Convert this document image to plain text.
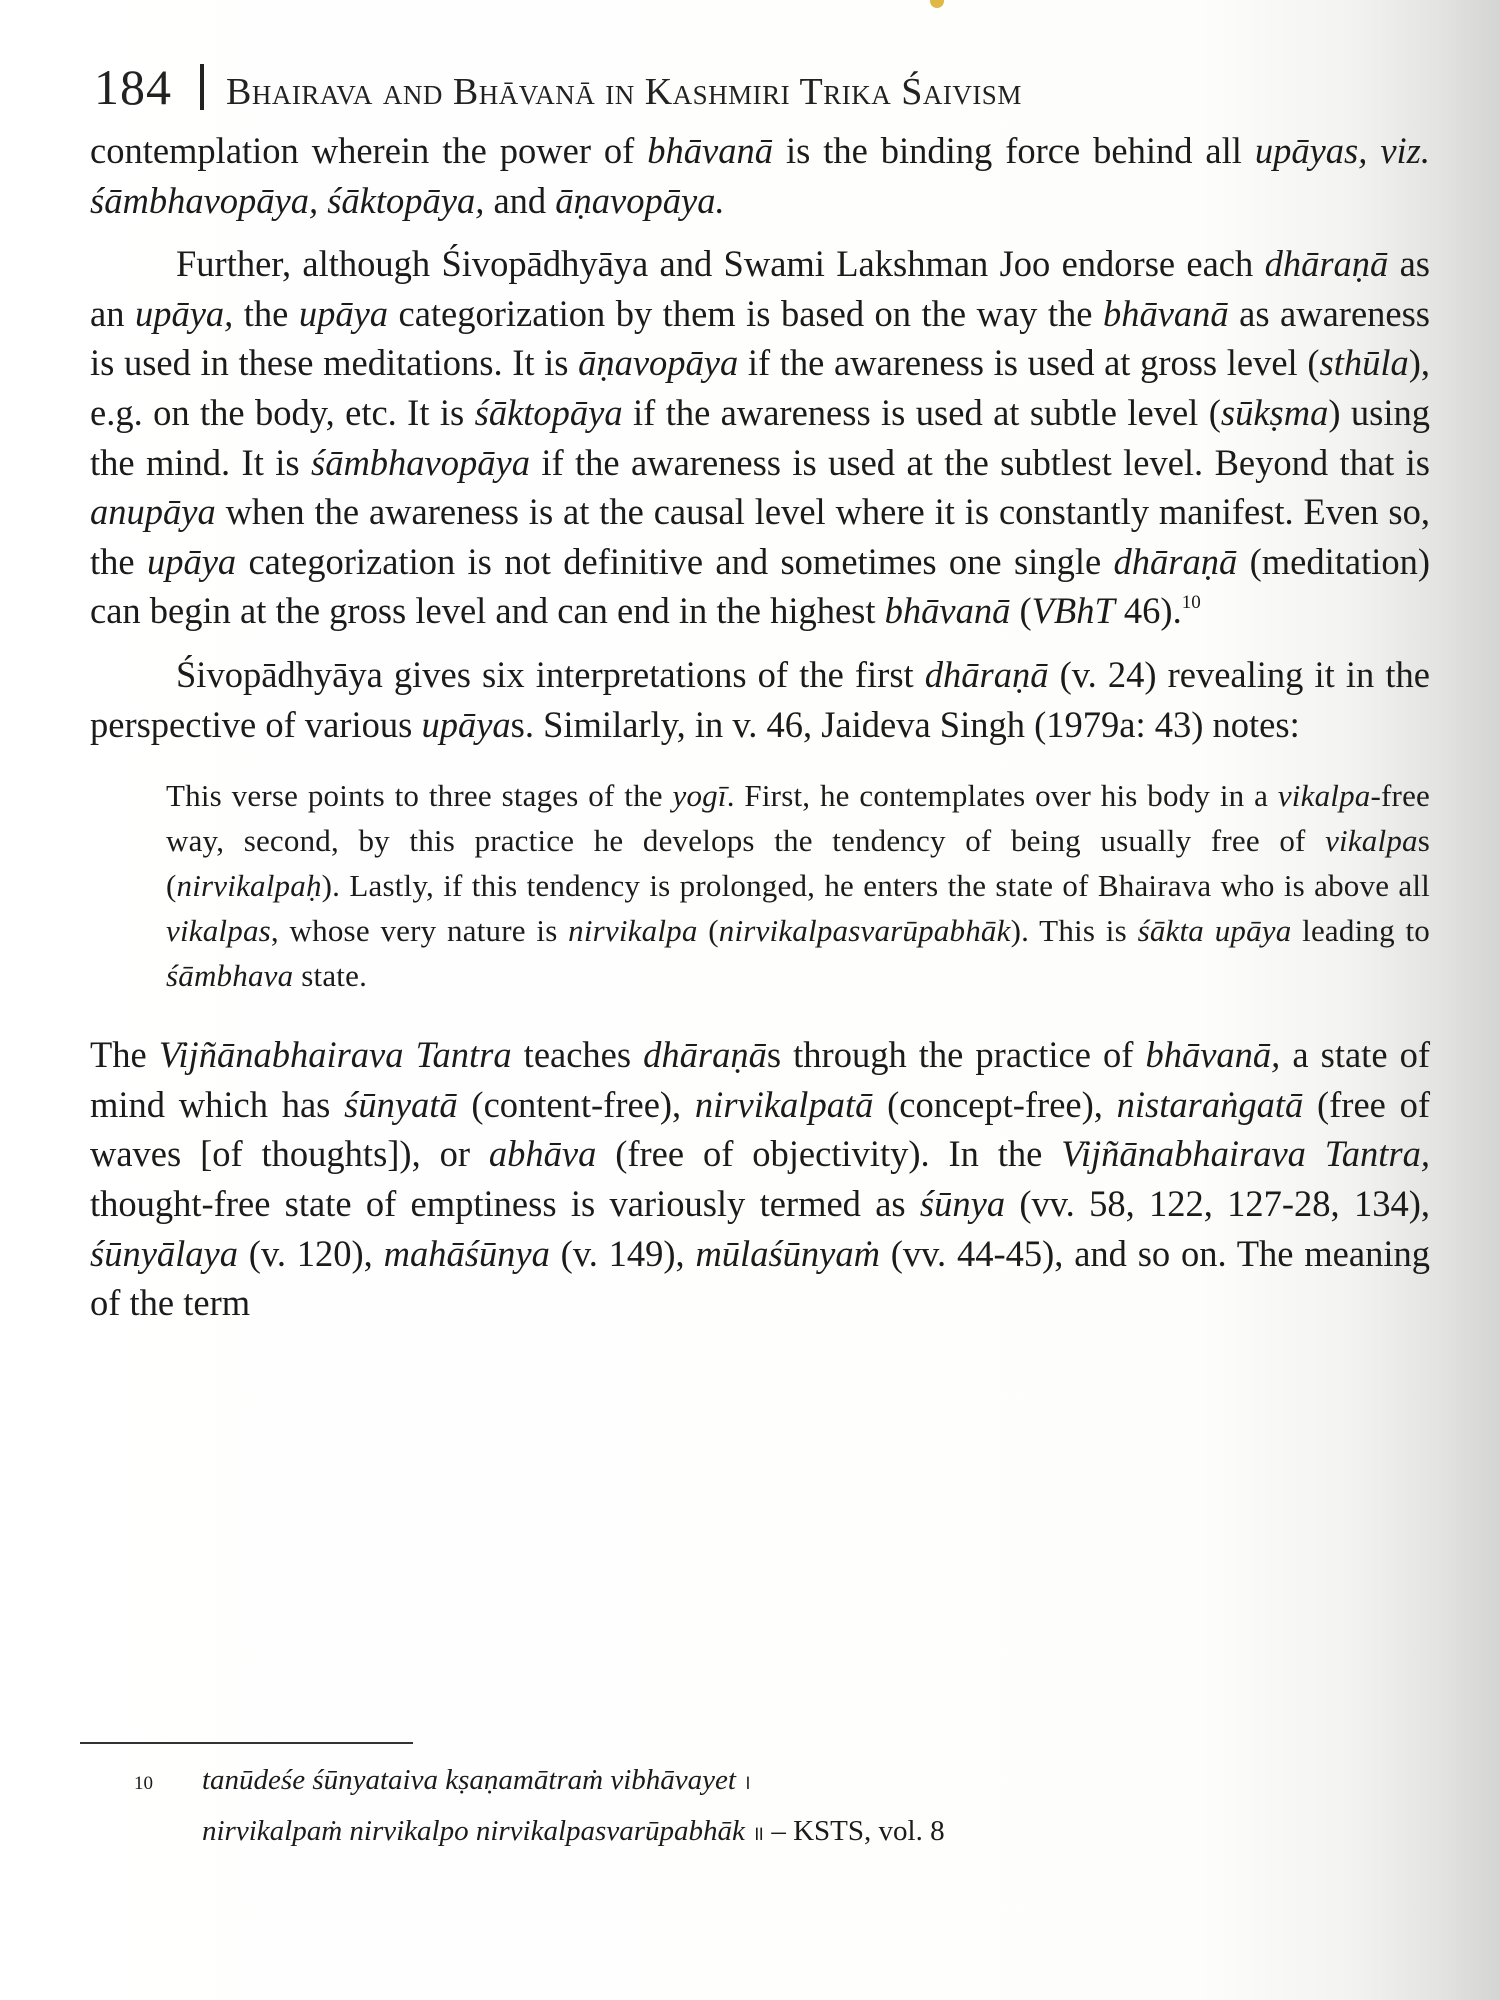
184 Bhairava and Bhāvanā in Kashmiri Trika Śaivism

contemplation wherein the power of bhāvanā is the binding force behind all upāyas, viz. śāmbhavopāya, śāktopāya, and āṇavopāya.

Further, although Śivopādhyāya and Swami Lakshman Joo endorse each dhāraṇā as an upāya, the upāya categorization by them is based on the way the bhāvanā as awareness is used in these meditations. It is āṇavopāya if the awareness is used at gross level (sthūla), e.g. on the body, etc. It is śāktopāya if the awareness is used at subtle level (sūkṣma) using the mind. It is śāmbhavopāya if the awareness is used at the subtlest level. Beyond that is anupāya when the awareness is at the causal level where it is constantly manifest. Even so, the upāya categorization is not definitive and sometimes one single dhāraṇā (meditation) can begin at the gross level and can end in the highest bhāvanā (VBhT 46).$^{10}$

Śivopādhyāya gives six interpretations of the first dhāraṇā (v. 24) revealing it in the perspective of various upāyas. Similarly, in v. 46, Jaideva Singh (1979a: 43) notes:

This verse points to three stages of the yogī. First, he contemplates over his body in a vikalpa-free way, second, by this practice he develops the tendency of being usually free of vikalpas (nirvikalpaḥ). Lastly, if this tendency is prolonged, he enters the state of Bhairava who is above all vikalpas, whose very nature is nirvikalpa (nirvikalpasvarūpabhāk). This is śākta upāya leading to śāmbhava state.

The Vijñānabhairava Tantra teaches dhāraṇās through the practice of bhāvanā, a state of mind which has śūnyatā (content-free), nirvikalpatā (concept-free), nistaraṅgatā (free of waves [of thoughts]), or abhāva (free of objectivity). In the Vijñānabhairava Tantra, thought-free state of emptiness is variously termed as śūnya (vv. 58, 122, 127-28, 134), śūnyālaya (v. 120), mahāśūnya (v. 149), mūlaśūnyaṁ (vv. 44-45), and so on. The meaning of the term

10 tanūdeśe śūnyataiva kṣaṇamātraṁ vibhāvayet ।
nirvikalpaṁ nirvikalpo nirvikalpasvarūpabhāk ॥ – KSTS, vol. 8
